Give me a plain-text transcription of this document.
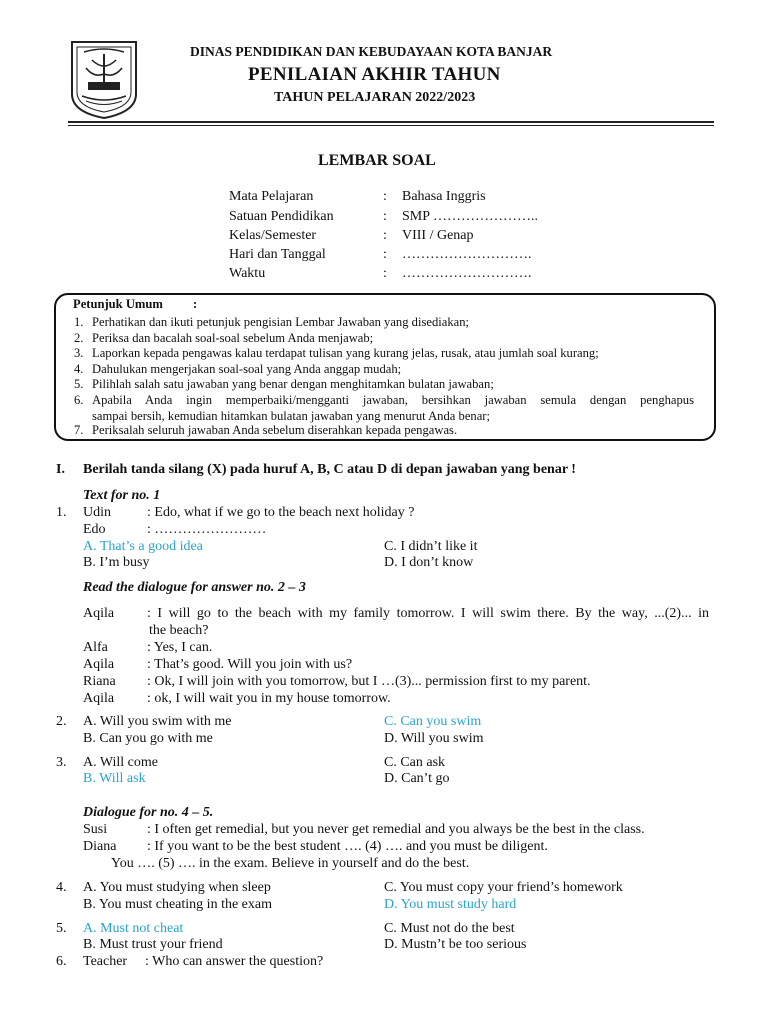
DINAS PENDIDIKAN DAN KEBUDAYAAN KOTA BANJAR
PENILAIAN AKHIR TAHUN
TAHUN PELAJARAN 2022/2023
LEMBAR SOAL
Mata Pelajaran	: Bahasa Inggris
Satuan Pendidikan	: SMP …………………..
Kelas/Semester	: VIII / Genap
Hari dan Tanggal	: ……………………….
Waktu	: ……………………….
Petunjuk Umum :
1. Perhatikan dan ikuti petunjuk pengisian Lembar Jawaban yang disediakan;
2. Periksa dan bacalah soal-soal sebelum Anda menjawab;
3. Laporkan kepada pengawas kalau terdapat tulisan yang kurang jelas, rusak, atau jumlah soal kurang;
4. Dahulukan mengerjakan soal-soal yang Anda anggap mudah;
5. Pilihlah salah satu jawaban yang benar dengan menghitamkan bulatan jawaban;
6. Apabila Anda ingin memperbaiki/mengganti jawaban, bersihkan jawaban semula dengan penghapus
sampai bersih, kemudian hitamkan bulatan jawaban yang menurut Anda benar;
7. Periksalah seluruh jawaban Anda sebelum diserahkan kepada pengawas.
I. Berilah tanda silang (X) pada huruf A, B, C atau D di depan jawaban yang benar !
Text for no. 1
1. Udin	: Edo, what if we go to the beach next holiday ?
Edo	: ……………………
A. That’s a good idea	C. I didn’t like it
B. I’m busy	D. I don’t know
Read the dialogue for answer no. 2 – 3
Aqila : I will go to the beach with my family tomorrow. I will swim there. By the way, ...(2)... in
the beach?
Alfa	: Yes, I can.
Aqila : That’s good. Will you join with us?
Riana : Ok, I will join with you tomorrow, but I …(3)... permission first to my parent.
Aqila : ok, I will wait you in my house tomorrow.
2. A. Will you swim with me	C. Can you swim
B. Can you go with me	D. Will you swim
3. A. Will come	C. Can ask
B. Will ask	D. Can’t go
Dialogue for no. 4 – 5.
Susi	: I often get remedial, but you never get remedial and you always be the best in the class.
Diana : If you want to be the best student …. (4) …. and you must be diligent.
You …. (5) …. in the exam. Believe in yourself and do the best.
4. A. You must studying when sleep	C. You must copy your friend’s homework
B. You must cheating in the exam	D. You must study hard
5. A. Must not cheat	C. Must not do the best
B. Must trust your friend	D. Mustn’t be too serious
6. Teacher : Who can answer the question?
